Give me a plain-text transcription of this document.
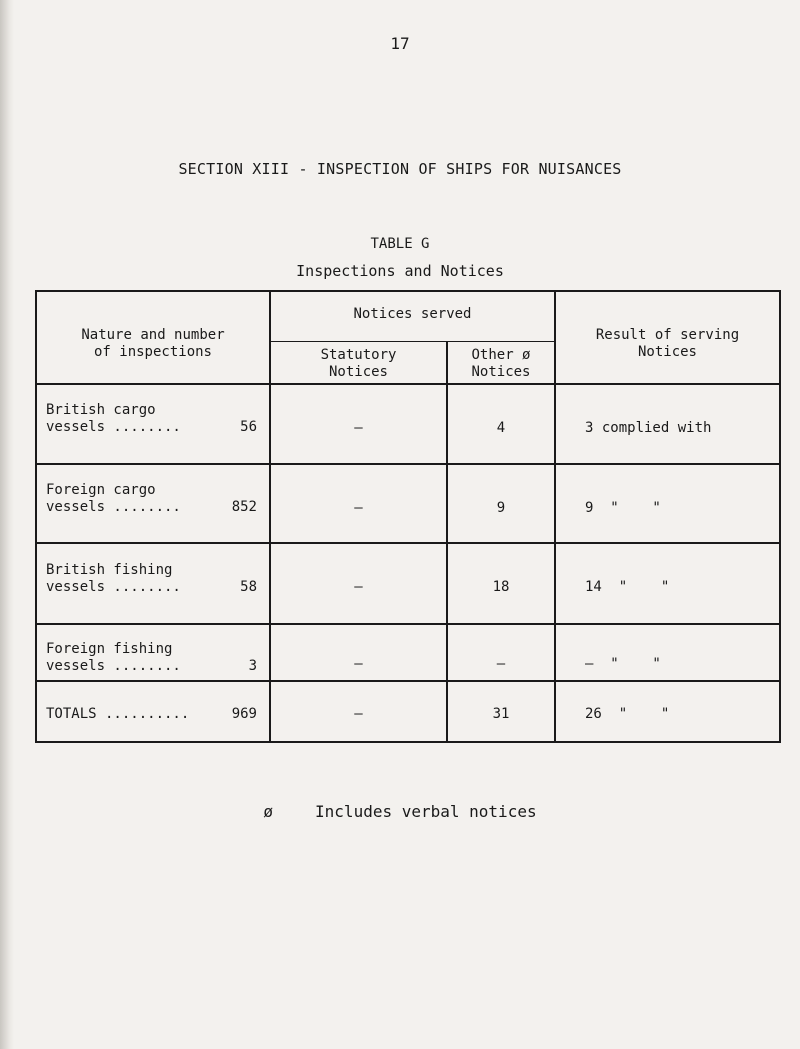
17
SECTION XIII - INSPECTION OF SHIPS FOR NUISANCES
TABLE G
Inspections and Notices
Nature and number
of inspections
Notices served
Statutory
Notices
Other ø
Notices
Result of serving
Notices
British cargo
vessels ........	56	–	4	3 complied with
Foreign cargo
vessels ........	852	–	9	9  "    "
British fishing
vessels ........	58	–	18	14  "    "
Foreign fishing
vessels ........	3	–	–	–  "    "
TOTALS ..........	969	–	31	26  "    "
ø	Includes verbal notices
